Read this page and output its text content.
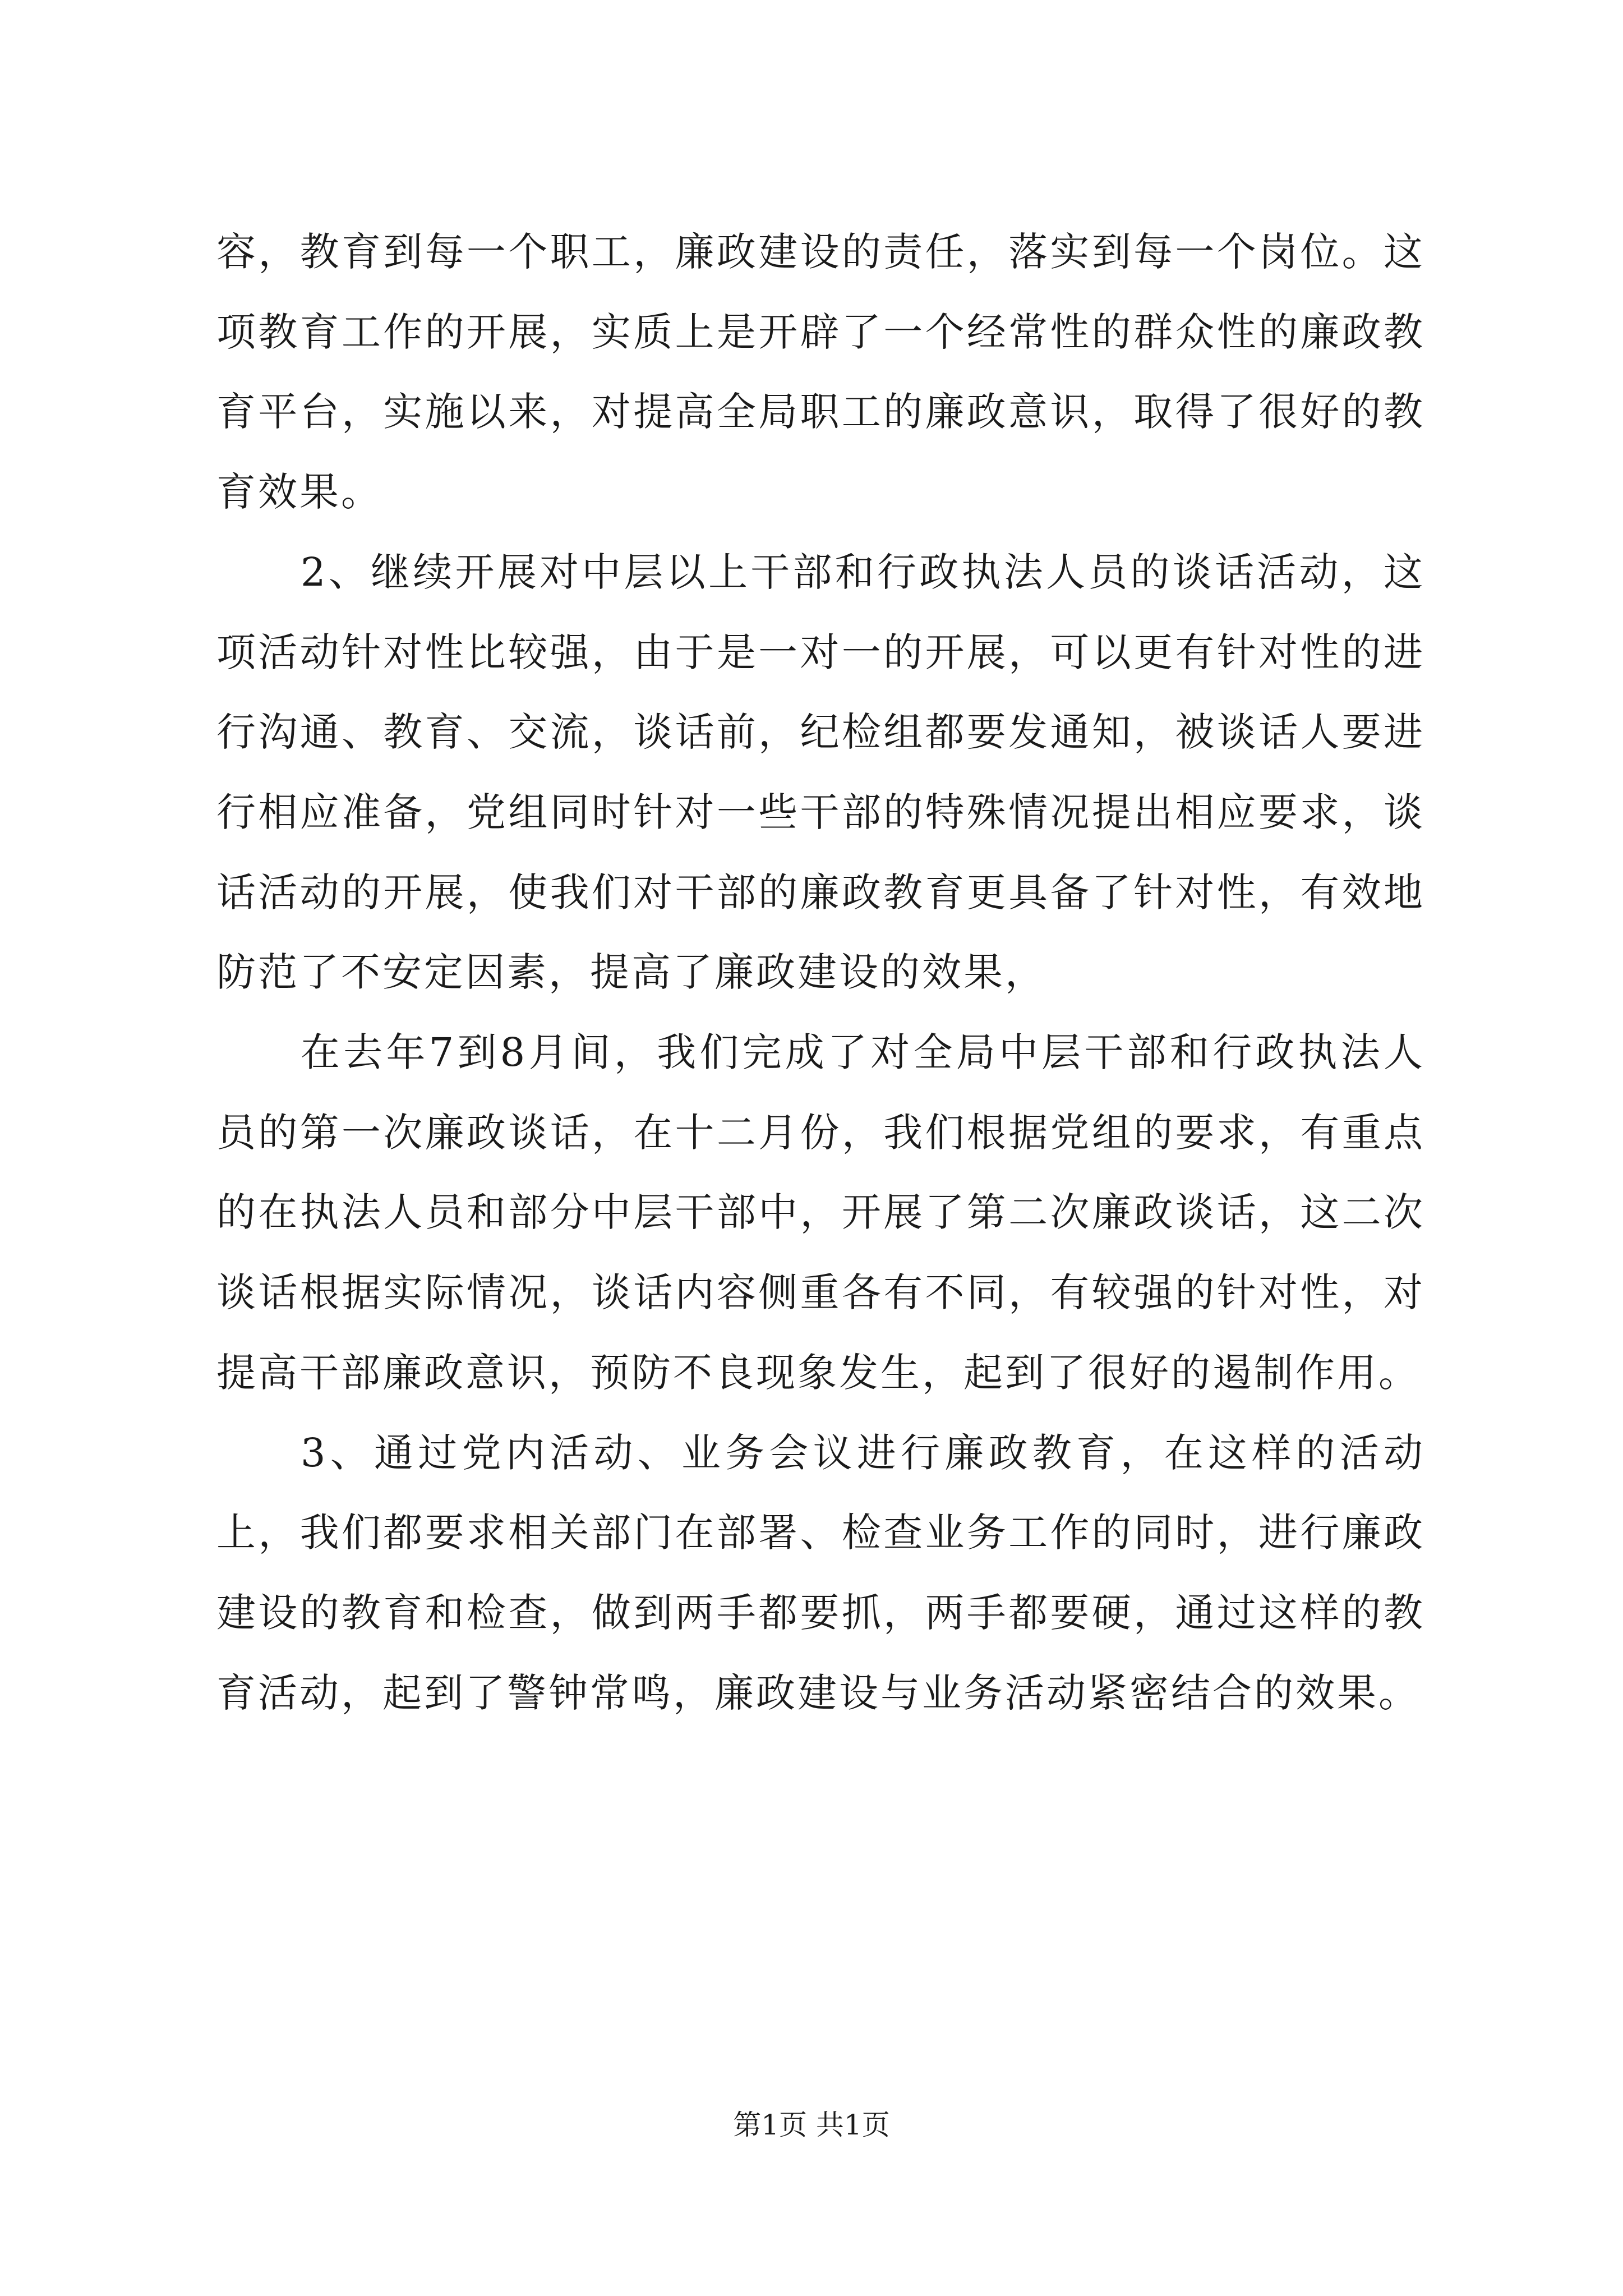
容，教育到每一个职工，廉政建设的责任，落实到每一个岗位。这项教育工作的开展，实质上是开辟了一个经常性的群众性的廉政教育平台，实施以来，对提高全局职工的廉政意识，取得了很好的教育效果。

2、继续开展对中层以上干部和行政执法人员的谈话活动，这项活动针对性比较强，由于是一对一的开展，可以更有针对性的进行沟通、教育、交流，谈话前，纪检组都要发通知，被谈话人要进行相应准备，党组同时针对一些干部的特殊情况提出相应要求，谈话活动的开展，使我们对干部的廉政教育更具备了针对性，有效地防范了不安定因素，提高了廉政建设的效果，

在去年7到8月间，我们完成了对全局中层干部和行政执法人员的第一次廉政谈话，在十二月份，我们根据党组的要求，有重点的在执法人员和部分中层干部中，开展了第二次廉政谈话，这二次谈话根据实际情况，谈话内容侧重各有不同，有较强的针对性，对提高干部廉政意识，预防不良现象发生，起到了很好的遏制作用。

3、通过党内活动、业务会议进行廉政教育，在这样的活动上，我们都要求相关部门在部署、检查业务工作的同时，进行廉政建设的教育和检查，做到两手都要抓，两手都要硬，通过这样的教育活动，起到了警钟常鸣，廉政建设与业务活动紧密结合的效果。

第1页 共1页
